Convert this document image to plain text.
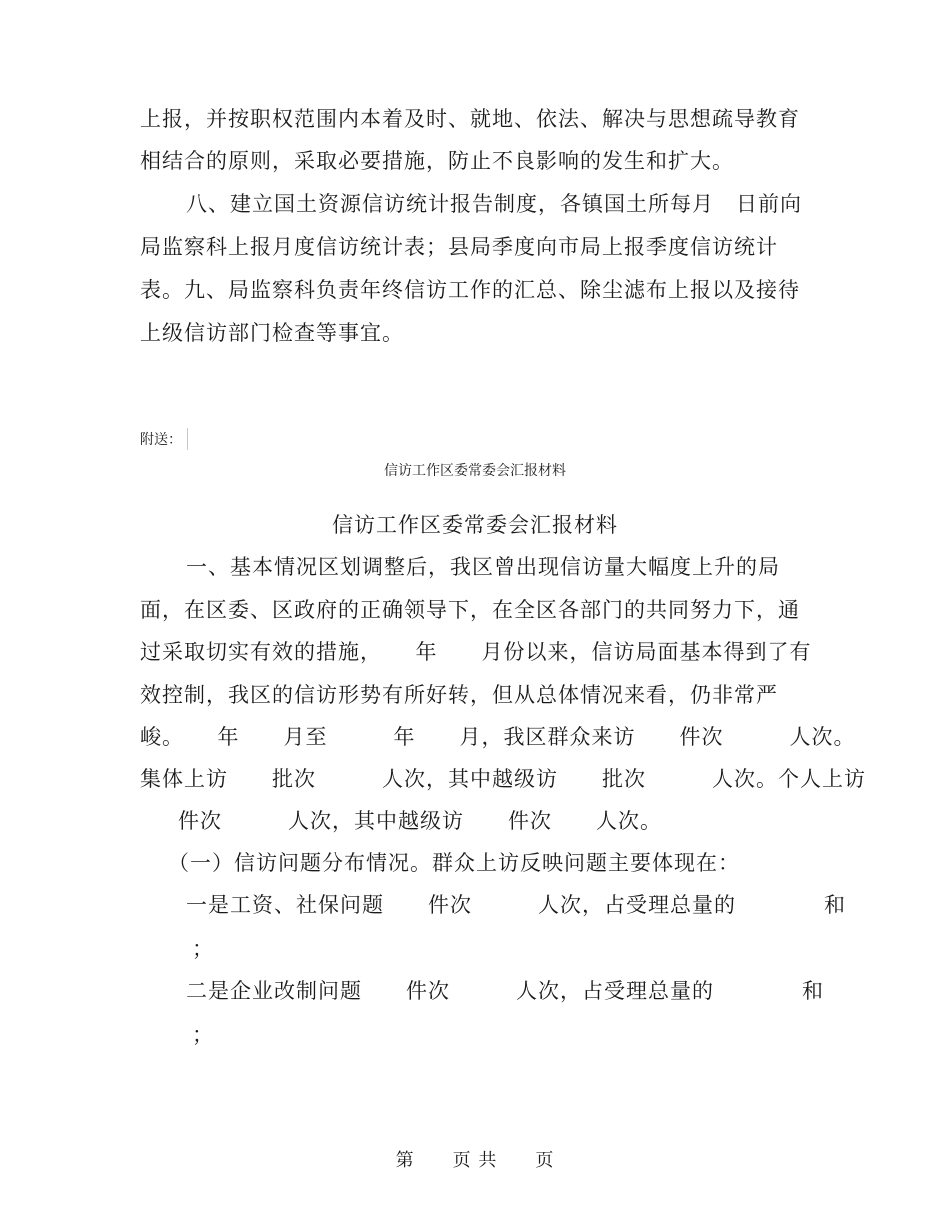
上报，并按职权范围内本着及时、就地、依法、解决与思想疏导教育
相结合的原则，采取必要措施，防止不良影响的发生和扩大。
八、建立国土资源信访统计报告制度，各镇国土所每月　日前向
局监察科上报月度信访统计表；县局季度向市局上报季度信访统计
表。九、局监察科负责年终信访工作的汇总、除尘滤布上报以及接待
上级信访部门检查等事宜。
附送：
信访工作区委常委会汇报材料
信访工作区委常委会汇报材料
一、基本情况区划调整后，我区曾出现信访量大幅度上升的局
面，在区委、区政府的正确领导下，在全区各部门的共同努力下，通
过采取切实有效的措施，　　年　　月份以来，信访局面基本得到了有
效控制，我区的信访形势有所好转，但从总体情况来看，仍非常严
峻。　　年　　月至　　　年　　月，我区群众来访　　件次　　　人次。
集体上访　　批次　　　人次，其中越级访　　批次　　　人次。个人上访
件次　　　人次，其中越级访　　件次　　人次。
（一）信访问题分布情况。群众上访反映问题主要体现在：
一是工资、社保问题　　件次　　　人次，占受理总量的　　　　和
；
二是企业改制问题　　件次　　　人次，占受理总量的　　　　和
；
第　　页 共　　页
